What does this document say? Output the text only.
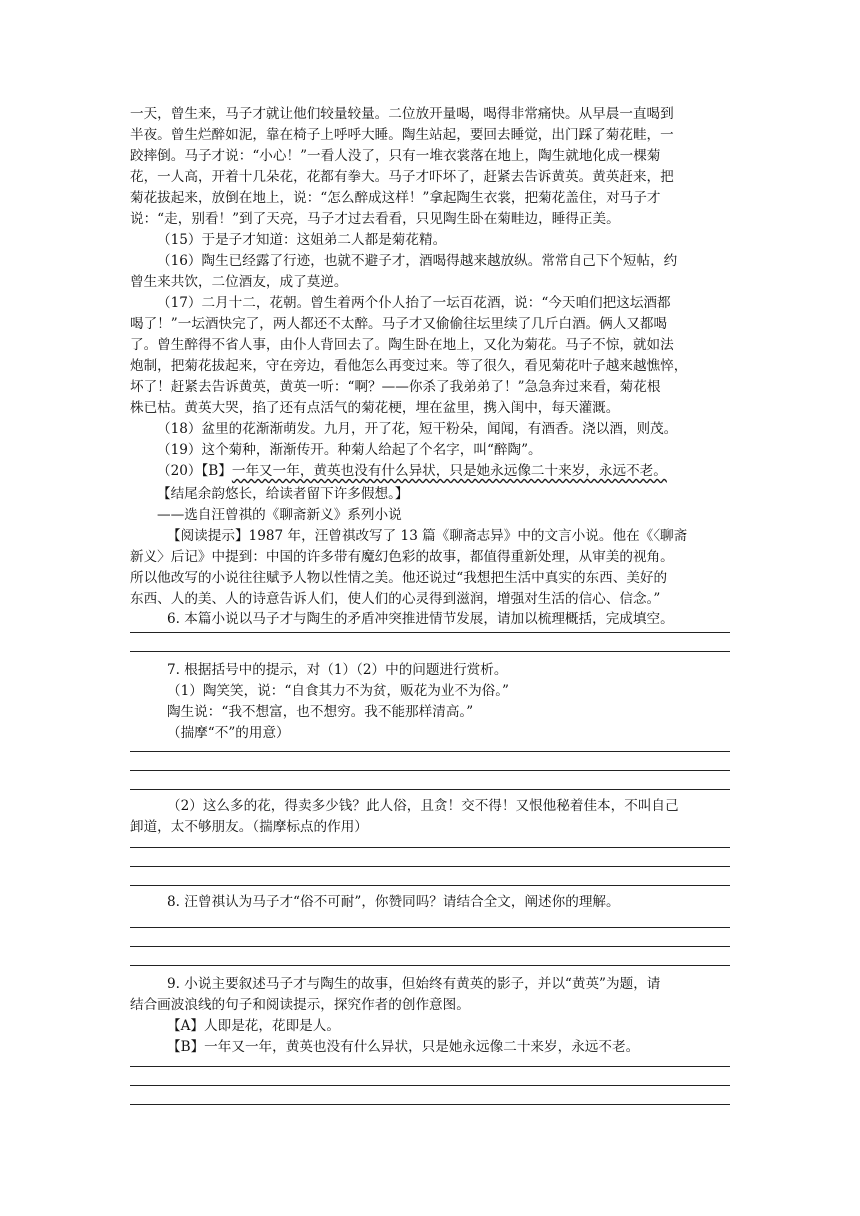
一天，曾生来，马子才就让他们较量较量。二位放开量喝，喝得非常痛快。从早晨一直喝到
半夜。曾生烂醉如泥，靠在椅子上呼呼大睡。陶生站起，要回去睡觉，出门踩了菊花畦，一
跤摔倒。马子才说：“小心！”一看人没了，只有一堆衣裳落在地上，陶生就地化成一棵菊
花，一人高，开着十几朵花，花都有拳大。马子才吓坏了，赶紧去告诉黄英。黄英赶来，把
菊花拔起来，放倒在地上，说：“怎么醉成这样！”拿起陶生衣裳，把菊花盖住，对马子才
说：“走，别看！”到了天亮，马子才过去看看，只见陶生卧在菊畦边，睡得正美。
（15）于是子才知道：这姐弟二人都是菊花精。
（16）陶生已经露了行迹，也就不避子才，酒喝得越来越放纵。常常自己下个短帖，约
曾生来共饮，二位酒友，成了莫逆。
（17）二月十二，花朝。曾生着两个仆人抬了一坛百花酒，说：“今天咱们把这坛酒都
喝了！”一坛酒快完了，两人都还不太醉。马子才又偷偷往坛里续了几斤白酒。俩人又都喝
了。曾生醉得不省人事，由仆人背回去了。陶生卧在地上，又化为菊花。马子不惊，就如法
炮制，把菊花拔起来，守在旁边，看他怎么再变过来。等了很久，看见菊花叶子越来越憔悴，
坏了！赶紧去告诉黄英，黄英一听：“啊？——你杀了我弟弟了！”急急奔过来看，菊花根
株已枯。黄英大哭，掐了还有点活气的菊花梗，埋在盆里，携入闺中，每天灌溉。
（18）盆里的花渐渐萌发。九月，开了花，短干粉朵，闻闻，有酒香。浇以酒，则茂。
（19）这个菊种，渐渐传开。种菊人给起了个名字，叫“醉陶”。
（20）【B】一年又一年，黄英也没有什么异状，只是她永远像二十来岁，永远不老。
【结尾余韵悠长，给读者留下许多假想。】
——选自汪曾祺的《聊斋新义》系列小说
【阅读提示】1987 年，汪曾祺改写了 13 篇《聊斋志异》中的文言小说。他在《〈聊斋
新义〉后记》中提到：中国的许多带有魔幻色彩的故事，都值得重新处理，从审美的视角。
所以他改写的小说往往赋予人物以性情之美。他还说过“我想把生活中真实的东西、美好的
东西、人的美、人的诗意告诉人们，使人们的心灵得到滋润，增强对生活的信心、信念。”
6. 本篇小说以马子才与陶生的矛盾冲突推进情节发展，请加以梳理概括，完成填空。
7. 根据括号中的提示，对（1）（2）中的问题进行赏析。
（1）陶笑笑，说：“自食其力不为贫，贩花为业不为俗。”
陶生说：“我不想富，也不想穷。我不能那样清高。”
（揣摩“不”的用意）
（2）这么多的花，得卖多少钱？此人俗，且贪！交不得！又恨他秘着佳本，不叫自己
卸道，太不够朋友。（揣摩标点的作用）
8. 汪曾祺认为马子才“俗不可耐”，你赞同吗？请结合全文，阐述你的理解。
9. 小说主要叙述马子才与陶生的故事，但始终有黄英的影子，并以“黄英”为题，请
结合画波浪线的句子和阅读提示，探究作者的创作意图。
【A】人即是花，花即是人。
【B】一年又一年，黄英也没有什么异状，只是她永远像二十来岁，永远不老。
